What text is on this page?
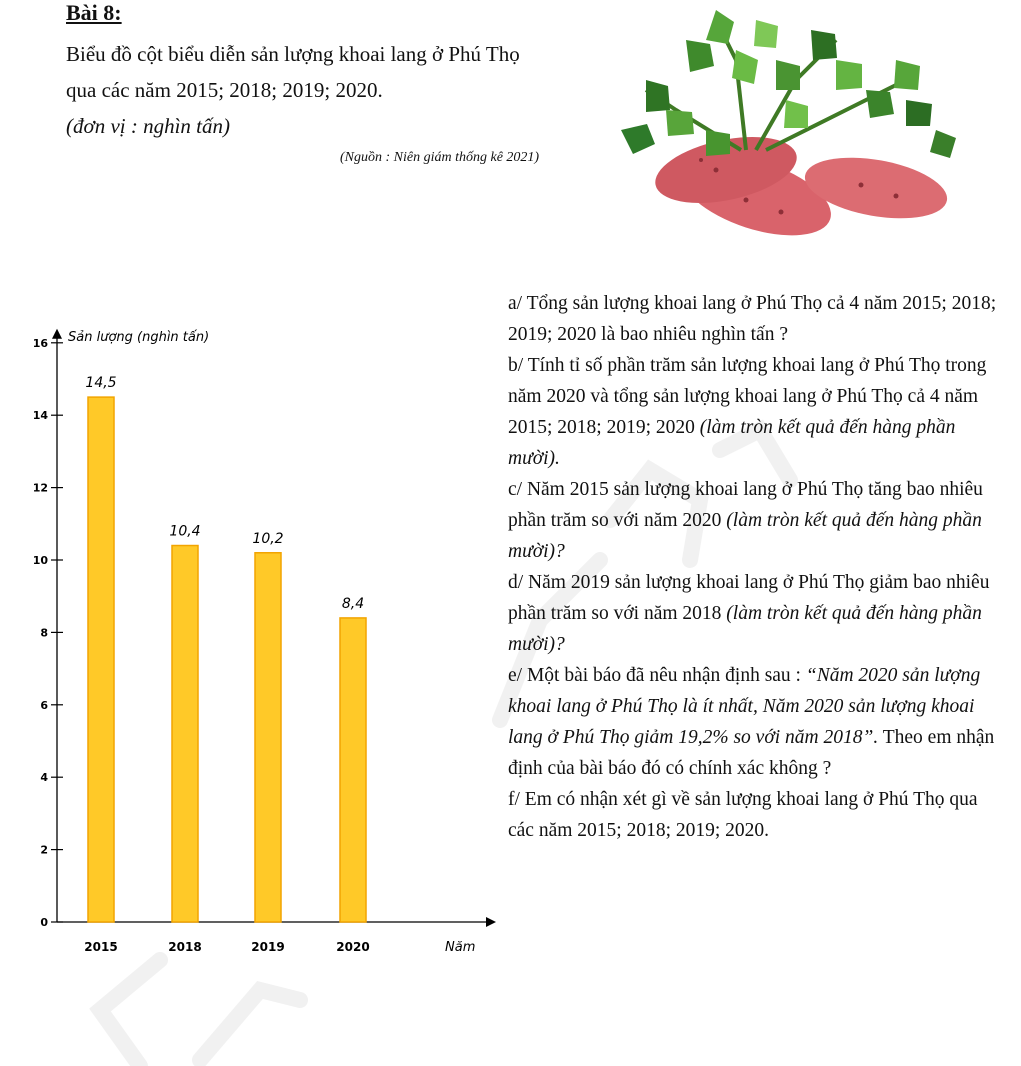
Bài 8:
Biểu đồ cột biểu diễn sản lượng khoai lang ở Phú Thọ
qua các năm 2015; 2018; 2019; 2020.
(đơn vị : nghìn tấn)
(Nguồn : Niên giám thống kê 2021)
0
2
4
6
8
10
12
14
16 Sản lượng (nghìn tấn)
Năm
14,5
2015
10,4
2018
10,2
2019
8,4
2020

a/ Tổng sản lượng khoai lang ở Phú Thọ cả 4 năm 2015; 2018; 2019; 2020 là bao nhiêu nghìn tấn ?

b/ Tính tỉ số phần trăm sản lượng khoai lang ở Phú Thọ trong năm 2020 và tổng sản lượng khoai lang ở Phú Thọ cả 4 năm 2015; 2018; 2019; 2020 (làm tròn kết quả đến hàng phần mười).

c/ Năm 2015 sản lượng khoai lang ở Phú Thọ tăng bao nhiêu phần trăm so với năm 2020 (làm tròn kết quả đến hàng phần mười)?

d/ Năm 2019 sản lượng khoai lang ở Phú Thọ giảm bao nhiêu phần trăm so với năm 2018 (làm tròn kết quả đến hàng phần mười)?

e/ Một bài báo đã nêu nhận định sau : “Năm 2020 sản lượng khoai lang ở Phú Thọ là ít nhất, Năm 2020 sản lượng khoai lang ở Phú Thọ giảm 19,2% so với năm 2018”. Theo em nhận định của bài báo đó có chính xác không ?

f/ Em có nhận xét gì về sản lượng khoai lang ở Phú Thọ qua các năm 2015; 2018; 2019; 2020.
